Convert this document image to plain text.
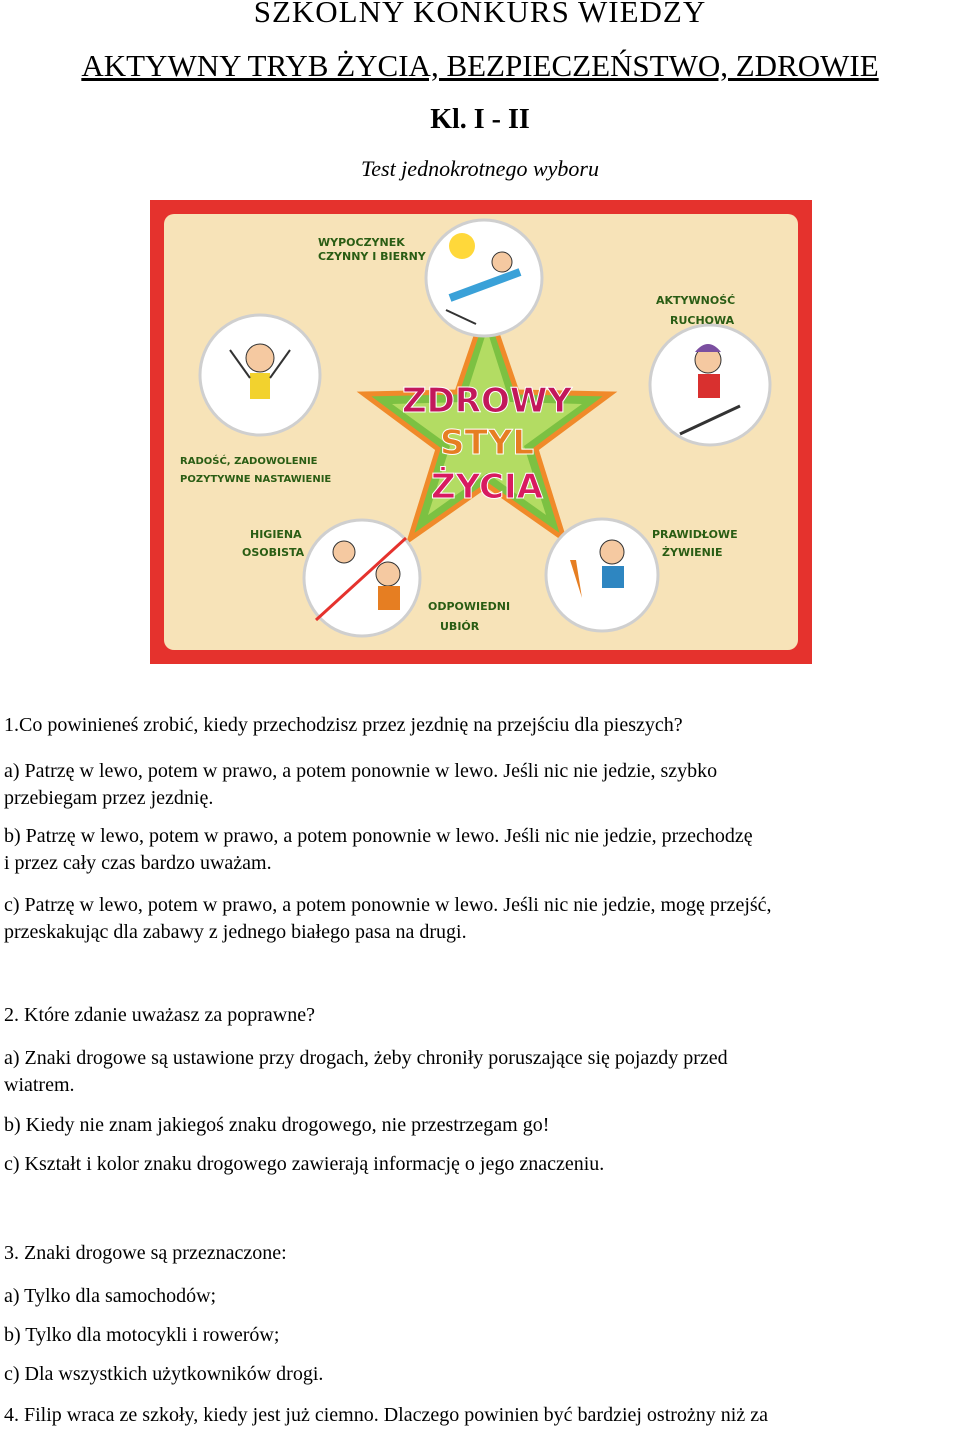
SZKOLNY KONKURS WIEDZY
AKTYWNY TRYB ŻYCIA, BEZPIECZEŃSTWO, ZDROWIE
Kl. I - II
Test jednokrotnego wyboru
ZDROWY
STYL
ŻYCIA
WYPOCZYNEK
CZYNNY I BIERNY
AKTYWNOŚĆ
RUCHOWA
RADOŚĆ, ZADOWOLENIE
POZYTYWNE NASTAWIENIE
HIGIENA
OSOBISTA
PRAWIDŁOWE
ŻYWIENIE
ODPOWIEDNI
UBIÓR

1.Co powinieneś zrobić, kiedy przechodzisz przez jezdnię na przejściu dla pieszych?

a) Patrzę w lewo, potem w prawo, a potem ponownie w lewo. Jeśli nic nie jedzie, szybko

przebiegam przez jezdnię.

b) Patrzę w lewo, potem w prawo, a potem ponownie w lewo. Jeśli nic nie jedzie, przechodzę

i przez cały czas bardzo uważam.

c) Patrzę w lewo, potem w prawo, a potem ponownie w lewo. Jeśli nic nie jedzie, mogę przejść,

przeskakując dla zabawy z jednego białego pasa na drugi.

2. Które zdanie uważasz za poprawne?

a) Znaki drogowe są ustawione przy drogach, żeby chroniły poruszające się pojazdy przed

wiatrem.

b) Kiedy nie znam jakiegoś znaku drogowego, nie przestrzegam go!

c) Kształt i kolor znaku drogowego zawierają informację o jego znaczeniu.

3. Znaki drogowe są przeznaczone:

a) Tylko dla samochodów;

b) Tylko dla motocykli i rowerów;

c) Dla wszystkich użytkowników drogi.

4. Filip wraca ze szkoły, kiedy jest już ciemno. Dlaczego powinien być bardziej ostrożny niż za
